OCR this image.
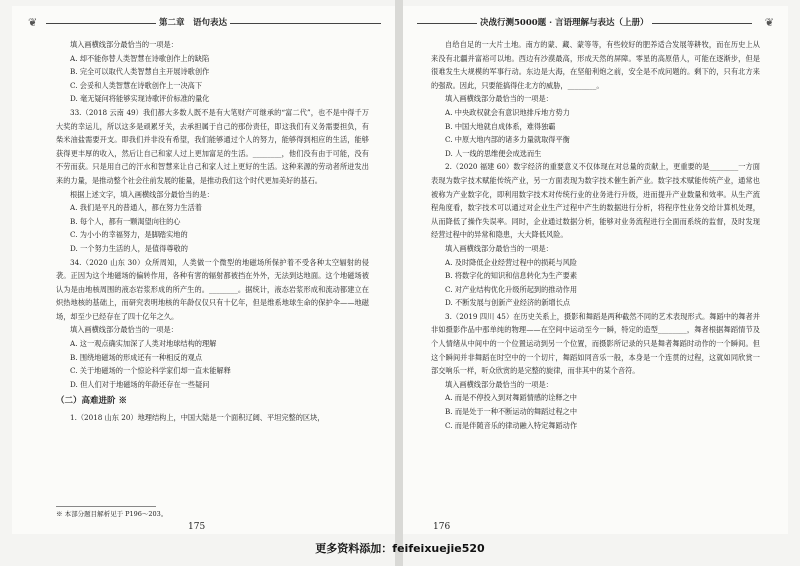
❦	第二章　语句表达

填入画横线部分最恰当的一项是：

A. 却不能你替人类智慧在诗歌创作上的缺陷

B. 完全可以取代人类智慧自主开展诗歌创作

C. 会妥和人类智慧在诗歌创作上一决高下

D. 毫无疑问将能够实现诗歌评价标准的量化

33.（2018 云南 49）我们都大多数人既不是有大笔财产可继承的“富二代”，也不是中得千万大奖的幸运儿，所以这多是顽累牙关，去承担属于自己的那份责任，即这我们有义务需要担负，有柴米油盐需要开支。即我们并非没有希望，我们能够通过个人的努力，能够得到相应的生活，能够获得更丰厚的收入，然后让自己和家人过上更加富足的生活。________，他们没有由于可能，没有不劳而获。只是用自己的汗水和智慧来让自己和家人过上更好的生活。这种来源的劳动者所迸发出来的力量，是推动整个社会往前发展的能量，是推动我们这个时代更加美好的基石。

根据上述文字，填入画横线部分最恰当的是：

A. 我们是平凡的普通人，都在努力生活着

B. 每个人，都有一颗渴望向往的心

C. 为小小的幸福努力，是脚踏实地的

D. 一个努力生活的人，是值得尊敬的

34.（2020 山东 30）众所周知，人类做一个微型的地磁场所保护着不受各种太空辐射的侵袭。正因为这个地磁场的偏转作用，各种有害的辐射都被挡在外外，无法到达地面。这个地磁场被认为是由地核周围的液态岩浆形成的所产生的。________。据统计，液态岩浆形成和流动都建立在炽热地核的基础上，而研究表明地核的年龄仅仅只有十亿年，但是维系地球生命的保护伞——地磁场，却至少已经存在了四十亿年之久。

填入画横线部分最恰当的一项是：

A. 这一观点确实加深了人类对地球结构的理解

B. 围绕地磁场的形成还有一种相反的观点

C. 关于地磁场的一个惊论科学家们却一直未能解释

D. 但人们对于地磁场的年龄还存在一些疑问

（二）高难进阶 ※

1.（2018 山东 20）地理结构上，中国大陆是一个面积辽阔、平坦完整的区块，

※ 本部分题目解析见于 P196～203。
175
❦
决战行测5000题 · 言语理解与表达（上册）

自给自足的一大片土地。南方的蒙、藏、蒙等等，有些较好的肥养适合发展等耕牧，而在历史上从来没有北疆并富裕可以地。西边有沙漠最高，形成天然的屏障。零星的高原借人，可能在逐渐步，但是很难发生大规模的军事行动。东边是大海，在坚船利炮之前，安全是不成问题的。剩下的，只有北方来的强敌。因此，只要能搞得住北方的威胁，________。

填入画横线部分最恰当的一项是：

A. 中央政权就会有意识地排斥地方势力

B. 中国大地就自成体系，难得独霸

C. 中原大地内部的诸多力量就取得平衡

D. 人一线的思维便会成选而生

2.（2020 福建 60）数字经济的重要意义不仅体现在对总量的贡献上，更重要的是________一方面表现为数字技术赋能传统产业，另一方面表现为数字技术催生新产业。数字技术赋能传统产业，通常也被称为产业数字化，即利用数字技术对传统行业的业务进行升级，进而提升产业数量和效率。从生产流程角度看，数字技术可以通过对企业生产过程中产生的数据进行分析，将程序性业务交给计算机处理，从而降低了操作失误率。同时，企业通过数据分析，能够对业务流程进行全面而系统的监督，及时发现经营过程中的异常和隐患，大大降低风险。

填入画横线部分最恰当的一项是：

A. 及时降低企业经营过程中的损耗与风险

B. 将数字化的知识和信息转化为生产要素

C. 对产业结构优化升级所起到的推动作用

D. 不断发展与创新产业经济的新增长点

3.（2019 四川 45）在历史关系上，摄影和舞蹈是两种截然不同的艺术表现形式。舞蹈中的舞者并非如摄影作品中那单纯的物理——在空间中运动至今一瞬，特定的造型________，舞者根据舞蹈情节及个人情绪从中间中的一个位置运动到另一个位置，而摄影所记录的只是舞者舞蹈时动作的一个瞬间。但这个瞬间并非舞蹈在时空中的一个切片，舞蹈如同音乐一般，本身是一个连贯的过程，这就如同欣赏一部交响乐一样，听众欣赏的是完整的旋律，而非其中的某个音符。

填入画横线部分最恰当的一项是：

A. 而是不停投入到对舞蹈情感的诠释之中

B. 而是处于一种不断运动的舞蹈过程之中

C. 而是伴随音乐的律动融入特定舞蹈动作

176
更多资料添加：feifeixuejie520
